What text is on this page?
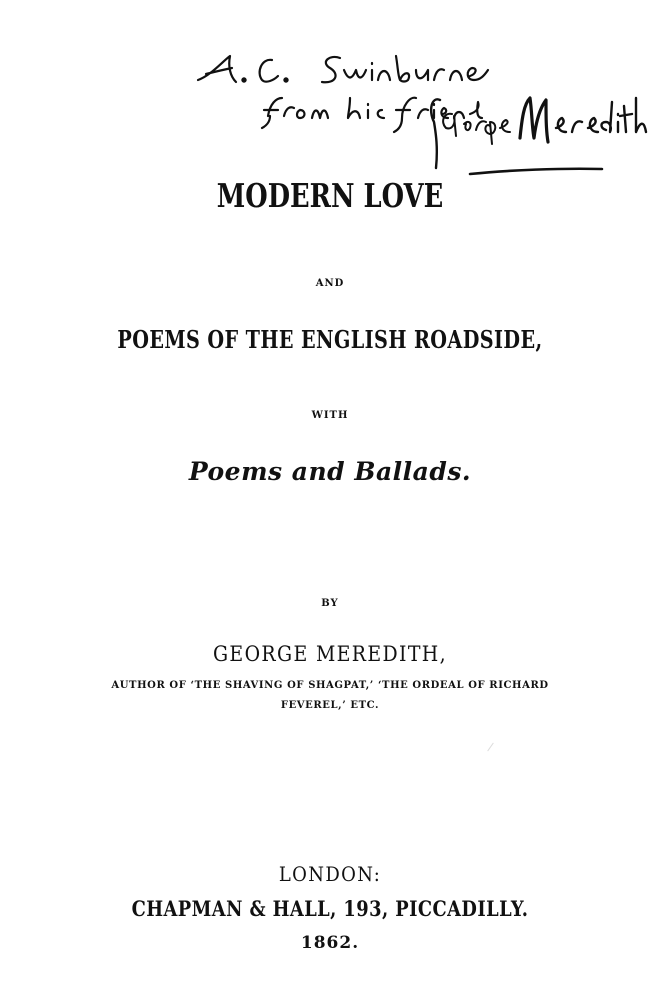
MODERN LOVE
AND
POEMS OF THE ENGLISH ROADSIDE,
WITH
Poems and Ballads.
BY
GEORGE MEREDITH,
AUTHOR OF ‘THE SHAVING OF SHAGPAT,’ ‘THE ORDEAL OF RICHARD
FEVEREL,’ ETC.
LONDON:
CHAPMAN & HALL, 193, PICCADILLY.
1862.
